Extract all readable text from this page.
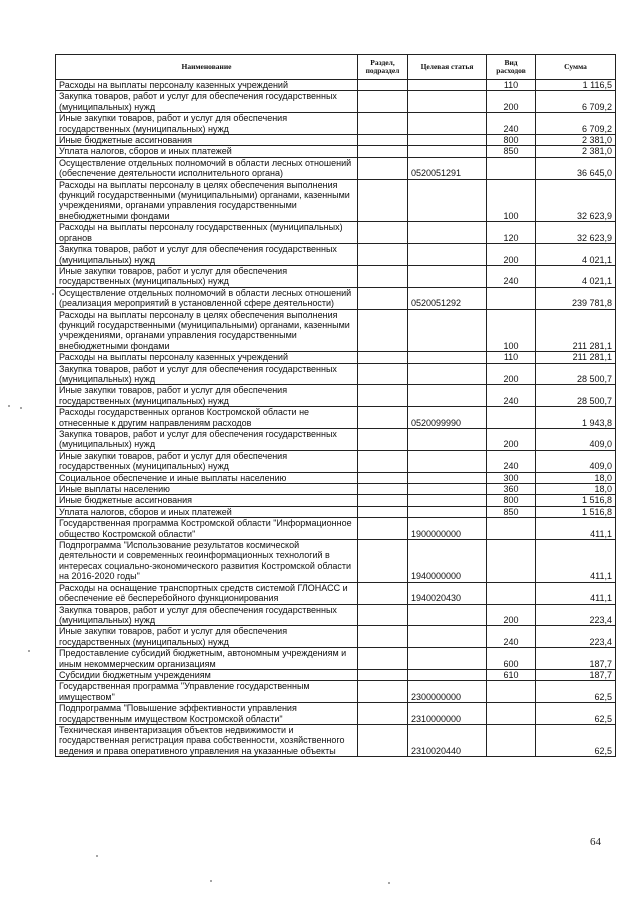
Наименование	Раздел, подраздел	Целевая статья	Вид расходов	Сумма
Расходы на выплаты персоналу казенных учреждений			110	1 116,5
Закупка товаров, работ и услуг для обеспечения государственных (муниципальных) нужд			200	6 709,2
Иные закупки товаров, работ и услуг для обеспечения государственных (муниципальных) нужд			240	6 709,2
Иные бюджетные ассигнования			800	2 381,0
Уплата налогов, сборов и иных платежей			850	2 381,0
Осуществление отдельных полномочий в области лесных отношений (обеспечение деятельности исполнительного органа)		0520051291		36 645,0
Расходы на выплаты персоналу в целях обеспечения выполнения функций государственными (муниципальными) органами, казенными учреждениями, органами управления государственными внебюджетными фондами			100	32 623,9
Расходы на выплаты персоналу государственных (муниципальных) органов			120	32 623,9
Закупка товаров, работ и услуг для обеспечения государственных (муниципальных) нужд			200	4 021,1
Иные закупки товаров, работ и услуг для обеспечения государственных (муниципальных) нужд			240	4 021,1
Осуществление отдельных полномочий в области лесных отношений (реализация мероприятий в установленной сфере деятельности)		0520051292		239 781,8
Расходы на выплаты персоналу в целях обеспечения выполнения функций государственными (муниципальными) органами, казенными учреждениями, органами управления государственными внебюджетными фондами			100	211 281,1
Расходы на выплаты персоналу казенных учреждений			110	211 281,1
Закупка товаров, работ и услуг для обеспечения государственных (муниципальных) нужд			200	28 500,7
Иные закупки товаров, работ и услуг для обеспечения государственных (муниципальных) нужд			240	28 500,7
Расходы государственных органов Костромской области не отнесенные к другим направлениям расходов		0520099990		1 943,8
Закупка товаров, работ и услуг для обеспечения государственных (муниципальных) нужд			200	409,0
Иные закупки товаров, работ и услуг для обеспечения государственных (муниципальных) нужд			240	409,0
Социальное обеспечение и иные выплаты населению			300	18,0
Иные выплаты населению			360	18,0
Иные бюджетные ассигнования			800	1 516,8
Уплата налогов, сборов и иных платежей			850	1 516,8
Государственная программа Костромской области "Информационное общество Костромской области"		1900000000		411,1
Подпрограмма "Использование результатов космической деятельности и современных геоинформационных технологий в интересах социально-экономического развития Костромской области на 2016-2020 годы"		1940000000		411,1
Расходы на оснащение транспортных средств системой ГЛОНАСС и обеспечение её бесперебойного функционирования		1940020430		411,1
Закупка товаров, работ и услуг для обеспечения государственных (муниципальных) нужд			200	223,4
Иные закупки товаров, работ и услуг для обеспечения государственных (муниципальных) нужд			240	223,4
Предоставление субсидий бюджетным, автономным учреждениям и иным некоммерческим организациям			600	187,7
Субсидии бюджетным учреждениям			610	187,7
Государственная программа "Управление государственным имуществом"		2300000000		62,5
Подпрограмма "Повышение эффективности управления государственным имуществом Костромской области"		2310000000		62,5
Техническая инвентаризация объектов недвижимости и государственная регистрация права собственности, хозяйственного ведения и права оперативного управления на указанные объекты		2310020440		62,5
64
